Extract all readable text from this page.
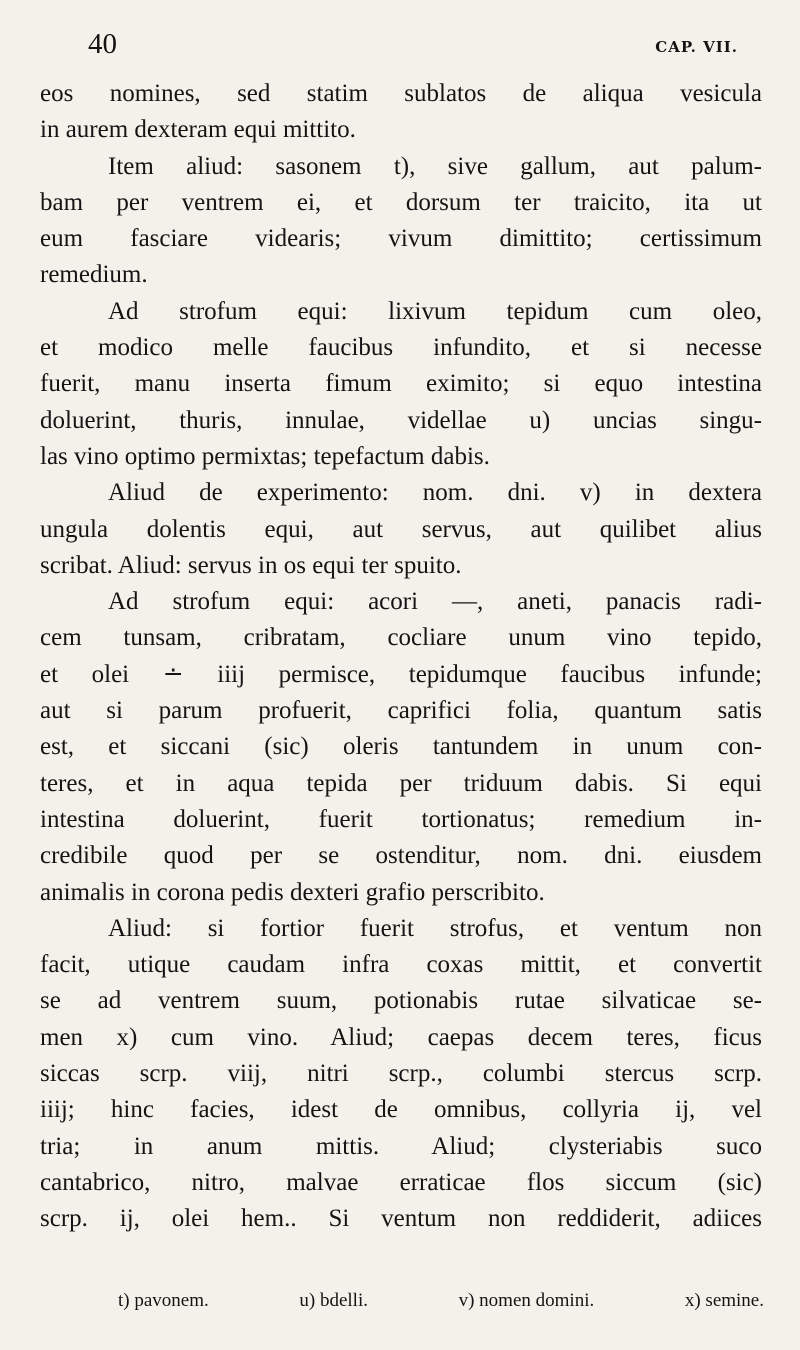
40	CAP. VII.
eos nomines, sed statim sublatos de aliqua vesicula
in aurem dexteram equi mittito.
Item aliud: sasonem t), sive gallum, aut palum-
bam per ventrem ei, et dorsum ter traicito, ita ut
eum fasciare videaris; vivum dimittito; certissimum
remedium.
Ad strofum equi: lixivum tepidum cum oleo,
et modico melle faucibus infundito, et si necesse
fuerit, manu inserta fimum eximito; si equo intestina
doluerint, thuris, innulae, videllae u) uncias singu-
las vino optimo permixtas; tepefactum dabis.
Aliud de experimento: nom. dni. v) in dextera
ungula dolentis equi, aut servus, aut quilibet alius
scribat. Aliud: servus in os equi ter spuito.
Ad strofum equi: acori —, aneti, panacis radi-
cem tunsam, cribratam, cocliare unum vino tepido,
et olei ∸ iiij permisce, tepidumque faucibus infunde;
aut si parum profuerit, caprifici folia, quantum satis
est, et siccani (sic) oleris tantundem in unum con-
teres, et in aqua tepida per triduum dabis. Si equi
intestina doluerint, fuerit tortionatus; remedium in-
credibile quod per se ostenditur, nom. dni. eiusdem
animalis in corona pedis dexteri grafio perscribito.
Aliud: si fortior fuerit strofus, et ventum non
facit, utique caudam infra coxas mittit, et convertit
se ad ventrem suum, potionabis rutae silvaticae se-
men x) cum vino. Aliud; caepas decem teres, ficus
siccas scrp. viij, nitri scrp., columbi stercus scrp.
iiij; hinc facies, idest de omnibus, collyria ij, vel
tria; in anum mittis. Aliud; clysteriabis suco
cantabrico, nitro, malvae erraticae flos siccum (sic)
scrp. ij, olei hem.. Si ventum non reddiderit, adiices
t) pavonem.	u) bdelli.	v) nomen domini.	x) semine.
